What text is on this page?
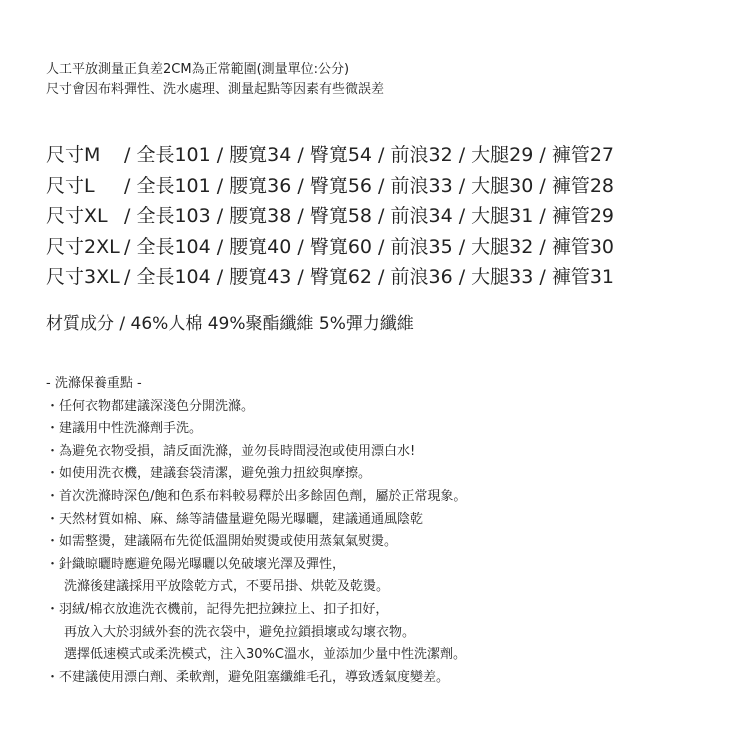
人工平放測量正負差2CM為正常範圍(測量單位:公分)
尺寸會因布料彈性、洗水處理、測量起點等因素有些微誤差
尺寸M	/ 全長101 / 腰寬34 / 臀寬54 / 前浪32 / 大腿29 / 褲管27
尺寸L	/ 全長101 / 腰寬36 / 臀寬56 / 前浪33 / 大腿30 / 褲管28
尺寸XL / 全長103 / 腰寬38 / 臀寬58 / 前浪34 / 大腿31 / 褲管29
尺寸2XL / 全長104 / 腰寬40 / 臀寬60 / 前浪35 / 大腿32 / 褲管30
尺寸3XL / 全長104 / 腰寬43 / 臀寬62 / 前浪36 / 大腿33 / 褲管31
材質成分 / 46%人棉 49%聚酯纖維 5%彈力纖維
- 洗滌保養重點 -
・任何衣物都建議深淺色分開洗滌。
・建議用中性洗滌劑手洗。
・為避免衣物受損，請反面洗滌，並勿長時間浸泡或使用漂白水!
・如使用洗衣機，建議套袋清潔，避免強力扭絞與摩擦。
・首次洗滌時深色/飽和色系布料較易釋於出多餘固色劑，屬於正常現象。
・天然材質如棉、麻、絲等請儘量避免陽光曝曬，建議通通風陰乾
・如需整燙，建議隔布先從低溫開始熨燙或使用蒸氣氣熨燙。
・針織晾曬時應避免陽光曝曬以免破壞光澤及彈性，
洗滌後建議採用平放陰乾方式，不要吊掛、烘乾及乾燙。
・羽絨/棉衣放進洗衣機前，記得先把拉鍊拉上、扣子扣好，
再放入大於羽絨外套的洗衣袋中，避免拉鎖損壞或勾壞衣物。
選擇低速模式或柔洗模式，注入30%C溫水，並添加少量中性洗潔劑。
・不建議使用漂白劑、柔軟劑，避免阻塞纖維毛孔，導致透氣度變差。
